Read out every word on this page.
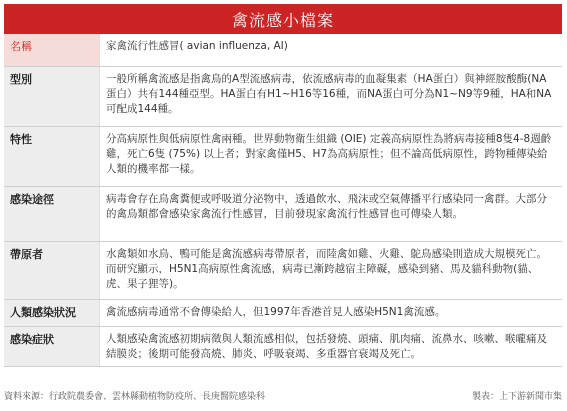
禽流感小檔案
名稱	家禽流行性感冒( avian influenza, AI)
型別	一般所稱禽流感是指禽鳥的A型流感病毒，依流感病毒的血凝集素（HA蛋白）與神經胺酸酶(NA蛋白）共有144種亞型。HA蛋白有H1~H16等16種，而NA蛋白可分為N1~N9等9種，HA和NA可配成144種。
特性	分高病原性與低病原性禽兩種。世界動物衛生組織 (OIE) 定義高病原性為將病毒接種8隻4-8週齡雞，死亡6隻 (75%) 以上者；對家禽僅H5、H7為高病原性；但不論高低病原性，跨物種傳染給人類的機率都一樣。
感染途徑	病毒會存在鳥禽糞便或呼吸道分泌物中，透過飲水、飛沫或空氣傳播平行感染同一禽群。大部分的禽鳥類都會感染家禽流行性感冒，目前發現家禽流行性感冒也可傳染人類。
帶原者	水禽類如水鳥、鴨可能是禽流感病毒帶原者，而陸禽如雞、火雞、鴕鳥感染則造成大規模死亡。而研究顯示，H5N1高病原性禽流感，病毒已漸跨越宿主障礙，感染到豬、馬及貓科動物(貓、虎、果子狸等)。
人類感染狀況	禽流感病毒通常不會傳染給人，但1997年香港首見人感染H5N1禽流感。
感染症狀	人類感染禽流感初期病徵與人類流感相似，包括發燒、頭痛、肌肉痛、流鼻水、咳嗽、喉嚨痛及結膜炎；後期可能發高燒、肺炎、呼吸衰竭、多重器官衰竭及死亡。
資料來源：行政院農委會、雲林縣動植物防疫所、長庚醫院感染科	製表：上下游新聞市集
